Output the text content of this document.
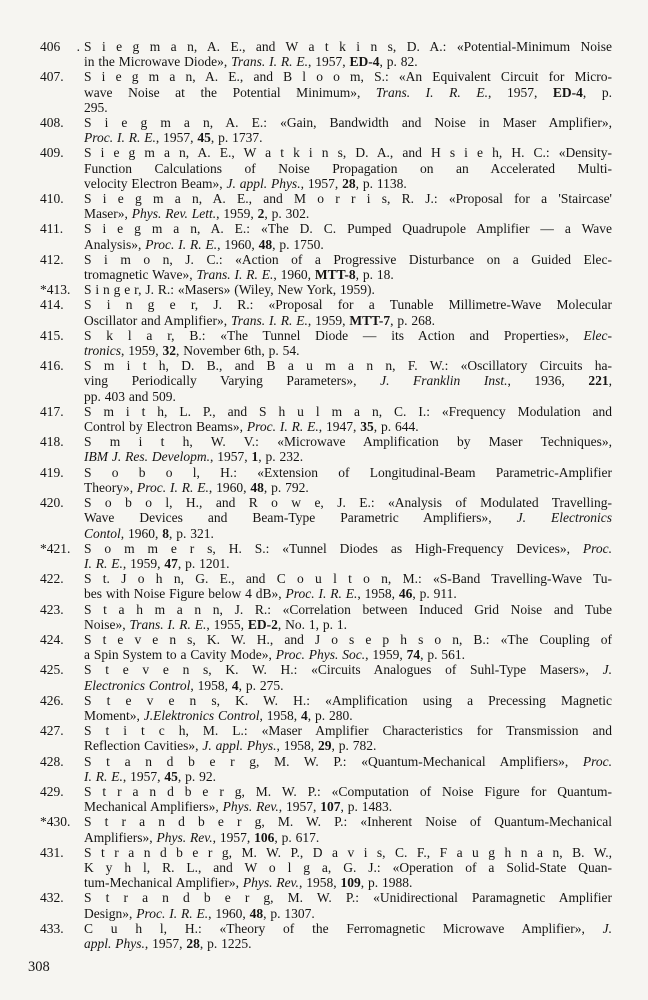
406 . S i e g m a n, A. E., and W a t k i n s, D. A.: «Potential-Minimum Noise
in the Microwave Diode», Trans. I. R. E., 1957, ED-4, p. 82.
407. S i e g m a n, A. E., and B l o o m, S.: «An Equivalent Circuit for Micro-
wave Noise at the Potential Minimum», Trans. I. R. E., 1957, ED-4, p.
295.
408. S i e g m a n, A. E.: «Gain, Bandwidth and Noise in Maser Amplifier»,
Proc. I. R. E., 1957, 45, p. 1737.
409. S i e g m a n, A. E., W a t k i n s, D. A., and H s i e h, H. C.: «Density-
Function Calculations of Noise Propagation on an Accelerated Multi-
velocity Electron Beam», J. appl. Phys., 1957, 28, p. 1138.
410. S i e g m a n, A. E., and M o r r i s, R. J.: «Proposal for a 'Staircase'
Maser», Phys. Rev. Lett., 1959, 2, p. 302.
411. S i e g m a n, A. E.: «The D. C. Pumped Quadrupole Amplifier — a Wave
Analysis», Proc. I. R. E., 1960, 48, p. 1750.
412. S i m o n, J. C.: «Action of a Progressive Disturbance on a Guided Elec-
tromagnetic Wave», Trans. I. R. E., 1960, MTT-8, p. 18.
*413. S i n g e r, J. R.: «Masers» (Wiley, New York, 1959).
414. S i n g e r, J. R.: «Proposal for a Tunable Millimetre-Wave Molecular
Oscillator and Amplifier», Trans. I. R. E., 1959, MTT-7, p. 268.
415. S k l a r, B.: «The Tunnel Diode — its Action and Properties», Elec-
tronics, 1959, 32, November 6th, p. 54.
416. S m i t h, D. B., and B a u m a n n, F. W.: «Oscillatory Circuits ha-
ving Periodically Varying Parameters», J. Franklin Inst., 1936, 221,
pp. 403 and 509.
417. S m i t h, L. P., and S h u l m a n, C. I.: «Frequency Modulation and
Control by Electron Beams», Proc. I. R. E., 1947, 35, p. 644.
418. S m i t h, W. V.: «Microwave Amplification by Maser Techniques»,
IBM J. Res. Developm., 1957, 1, p. 232.
419. S o b o l, H.: «Extension of Longitudinal-Beam Parametric-Amplifier
Theory», Proc. I. R. E., 1960, 48, p. 792.
420. S o b o l, H., and R o w e, J. E.: «Analysis of Modulated Travelling-
Wave Devices and Beam-Type Parametric Amplifiers», J. Electronics
Contol, 1960, 8, p. 321.
*421. S o m m e r s, H. S.: «Tunnel Diodes as High-Frequency Devices», Proc.
I. R. E., 1959, 47, p. 1201.
422. S t. J o h n, G. E., and C o u l t o n, M.: «S-Band Travelling-Wave Tu-
bes with Noise Figure below 4 dB», Proc. I. R. E., 1958, 46, p. 911.
423. S t a h m a n n, J. R.: «Correlation between Induced Grid Noise and Tube
Noise», Trans. I. R. E., 1955, ED-2, No. 1, p. 1.
424. S t e v e n s, K. W. H., and J o s e p h s o n, B.: «The Coupling of
a Spin System to a Cavity Mode», Proc. Phys. Soc., 1959, 74, p. 561.
425. S t e v e n s, K. W. H.: «Circuits Analogues of Suhl-Type Masers», J.
Electronics Control, 1958, 4, p. 275.
426. S t e v e n s, K. W. H.: «Amplification using a Precessing Magnetic
Moment», J.Elektronics Control, 1958, 4, p. 280.
427. S t i t c h, M. L.: «Maser Amplifier Characteristics for Transmission and
Reflection Cavities», J. appl. Phys., 1958, 29, p. 782.
428. S t a n d b e r g, M. W. P.: «Quantum-Mechanical Amplifiers», Proc.
I. R. E., 1957, 45, p. 92.
429. S t r a n d b e r g, M. W. P.: «Computation of Noise Figure for Quantum-
Mechanical Amplifiers», Phys. Rev., 1957, 107, p. 1483.
*430. S t r a n d b e r g, M. W. P.: «Inherent Noise of Quantum-Mechanical
Amplifiers», Phys. Rev., 1957, 106, p. 617.
431. S t r a n d b e r g, M. W. P., D a v i s, C. F., F a u g h n a n, B. W.,
K y h l, R. L., and W o l g a, G. J.: «Operation of a Solid-State Quan-
tum-Mechanical Amplifier», Phys. Rev., 1958, 109, p. 1988.
432. S t r a n d b e r g, M. W. P.: «Unidirectional Paramagnetic Amplifier
Design», Proc. I. R. E., 1960, 48, p. 1307.
433. C u h l, H.: «Theory of the Ferromagnetic Microwave Amplifier», J.
appl. Phys., 1957, 28, p. 1225.
308
